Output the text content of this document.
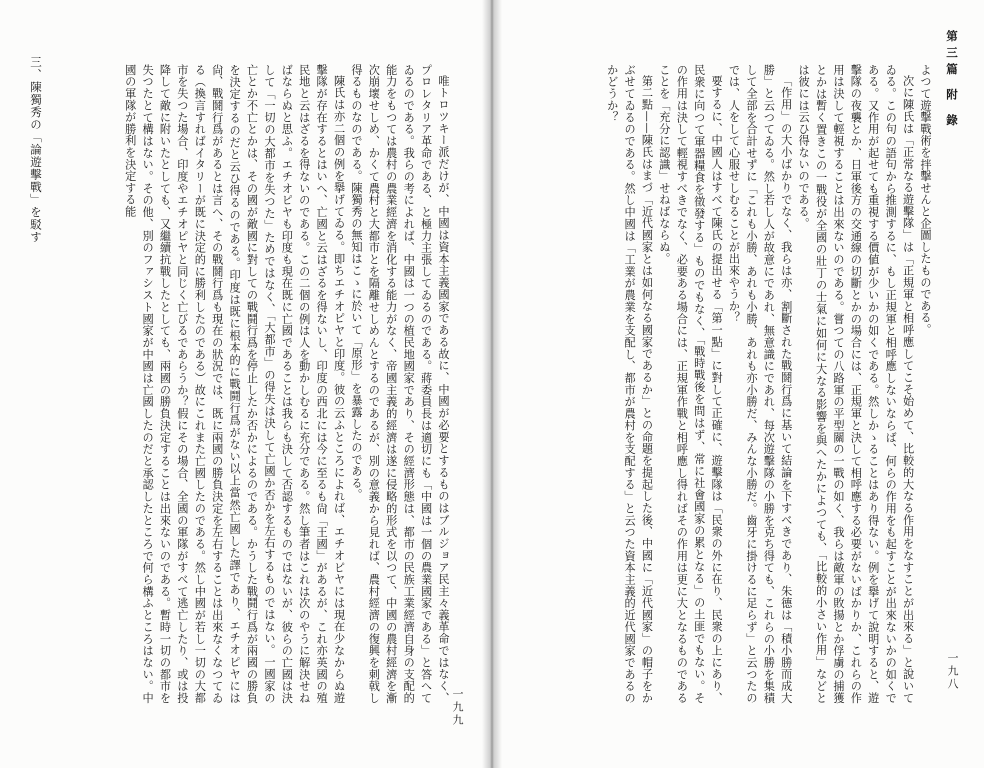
第三篇 附 錄

よつて遊擊戰術を拌擊せんと企圖したものである。

次に陳氏は「正常なる遊擊隊」は「正規軍と相呼應してこそ始めて、比較的大なる作用をなすことが出來る」と說いてゐる。この句の語句から推測するに、もし正規軍と相呼應しないならば、何らの作用をも起すことが出來ないかの如くである。又作用が起せても重視する價値が少いかの如くである。然しかゝることはあり得ない。例を擧げて說明すると、遊擊隊の夜襲とか、日軍後方の交通線の切斷とかの場合には、正規軍と決して相呼應する必要がないばかりか、これらの作用は決して輕視することは出來ないのである。嘗つての八路軍の平型關の一戰の如く、我らは敵軍の敗揚とか俘虜の捕獲とかは暫く置きこの一戰役が全國の壯丁の士氣に如何に大なる影響を與へたかによつても、「比較的小さい作用」などとは彼には云ひ得ないのである。

「作用」の大小ばかりでなく、我らは亦、割斷された戰鬪行爲に基いて結論を下すべきであり、朱德は「積小勝而成大勝」と云つてゐる。然し若し人が故意にであれ、無意識にであれ、每次遊擊隊の小勝を克ち得ても、これらの小勝を集積して全部を合計せずに「これも小勝、あれも小勝、あれも亦小勝だ、みんな小勝だ。齒牙に掛けるに足らず」と云つたのでは、人をして心服せしむることが出來やうか？

要するに、中國人はすべて陳氏の提出せる「第一點」に對して正確に、遊擊隊は「民衆の外に在り、民衆の上にあり、民衆に向つて軍器糧食を徵發する」ものでもなく、「戰時戰後を問はず、常に社會國家の累となる」の土匪でもない。その作用は決して輕視すべきでなく、必要ある場合には、正規軍作戰と相呼應し得ればその作用は更に大となるものであることを「充分に認識」せねばならぬ。

第二點——陳氏はまづ「近代國家とは如何なる國家であるか」との命題を提起した後、中國に「近代國家」の帽子をかぶせてゐるのである。然し中國は「工業が農業を支配し、都市が農村を支配する」と云つた資本主義的近代國家であるのかどうか？

一九八

唯トロツキー派だけが、中國は資本主義國家である故に、中國が必要とするものはブルジョア民主々義革命ではなく、プロレタリア革命である、と極力主張してゐるのである。蔣委員長は適切にも「中國は一個の農業國家である」と答へてゐるのである。我らの考によれば、中國は一つの植民地國家であり、その經濟形態は、都市の民族工業經濟自身の支配的能力をもつては農村の農業經濟を消化する能力がなく、帝國主義的經濟は遂に侵略的形式を以つて、中國の農村經濟を漸次崩壞せしめ、かくて農村と大都市とを隔離せしめんとするのであるが、別の意義から見れば、農村經濟の復興を刺戟し得るものなのである。陳獨秀の無知はこゝに於いて「原形」を暴露したのである。

陳氏は亦二個の例を擧げてゐる。即ちエチオピヤと印度。彼の云ふところによれば、エチオピヤには現在少なからぬ遊擊隊が存在するとはいへ、亡國と云はざるを得ないし、印度の西北には今に至るも尙「王國」があるが、これ亦英國の殖民地と云はざるを得ないのである。この二個の例は人を動かしむるに充分である。然し筆者はこれは次のやうに解決せねばならぬと思ふ。エチオピヤも印度も現在既に亡國であることは我らも決して否認するものではないが、彼らの亡國は決して「一切の大都市を失つた」ためではなく、「大都市」の得失は決して亡國か否かを左右するものではない。一國家の亡とか不亡とかは、その國が敵國に對しての戰鬪行爲を停止したか否かによるのである。かうした戰鬪行爲が兩國の勝負を決定するのだと云ひ得るのである。印度は既に根本的に戰鬪行爲がない以上當然亡國した譯であり、エチオピヤには尙、戰鬪行爲があるとは言へ、その戰鬪行爲も現在の狀況では、既に兩國の勝負決定を左右することは出來なくなつてゐる（換言すればイタリーが既に決定的に勝利したのである）故にこれまた亡國したのである。然し中國が若し一切の大都市を失つた場合、印度やエチオピヤと同じく亡びるであらうか？假にその場合、全國の軍隊がすべて逃亡したり、或は投降して敵に附いたとしても、又繼續抗戰したとしても、兩國の勝負決定することは出來ないのである。暫時一切の都市を失つたとて構はない。その他、別のファシスト國家が中國は亡國したのだと承認したところで何ら構ふところはない。中國の軍隊が勝利を決定する能

三、陳獨秀の「論遊擊戰」を駁す
一九九
